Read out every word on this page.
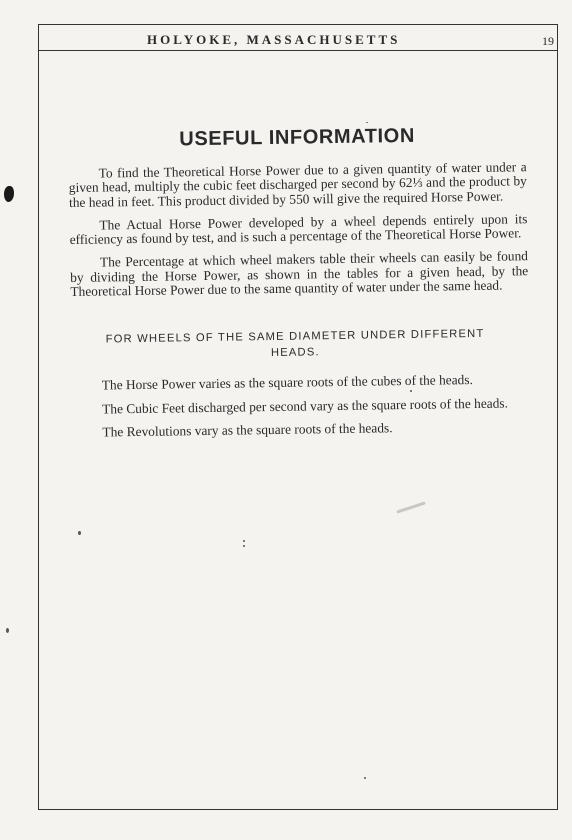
HOLYOKE, MASSACHUSETTS	19
USEFUL INFORMATION

To find the Theoretical Horse Power due to a given quantity of water under a given head, multiply the cubic feet discharged per second by 62⅓ and the product by the head in feet. This product divided by 550 will give the required Horse Power.

The Actual Horse Power developed by a wheel depends entirely upon its efficiency as found by test, and is such a percentage of the Theoretical Horse Power.

The Percentage at which wheel makers table their wheels can easily be found by dividing the Horse Power, as shown in the tables for a given head, by the Theoretical Horse Power due to the same quantity of water under the same head.

FOR WHEELS OF THE SAME DIAMETER UNDER DIFFERENT HEADS.

The Horse Power varies as the square roots of the cubes of the heads.

The Cubic Feet discharged per second vary as the square roots of the heads.

The Revolutions vary as the square roots of the heads.
